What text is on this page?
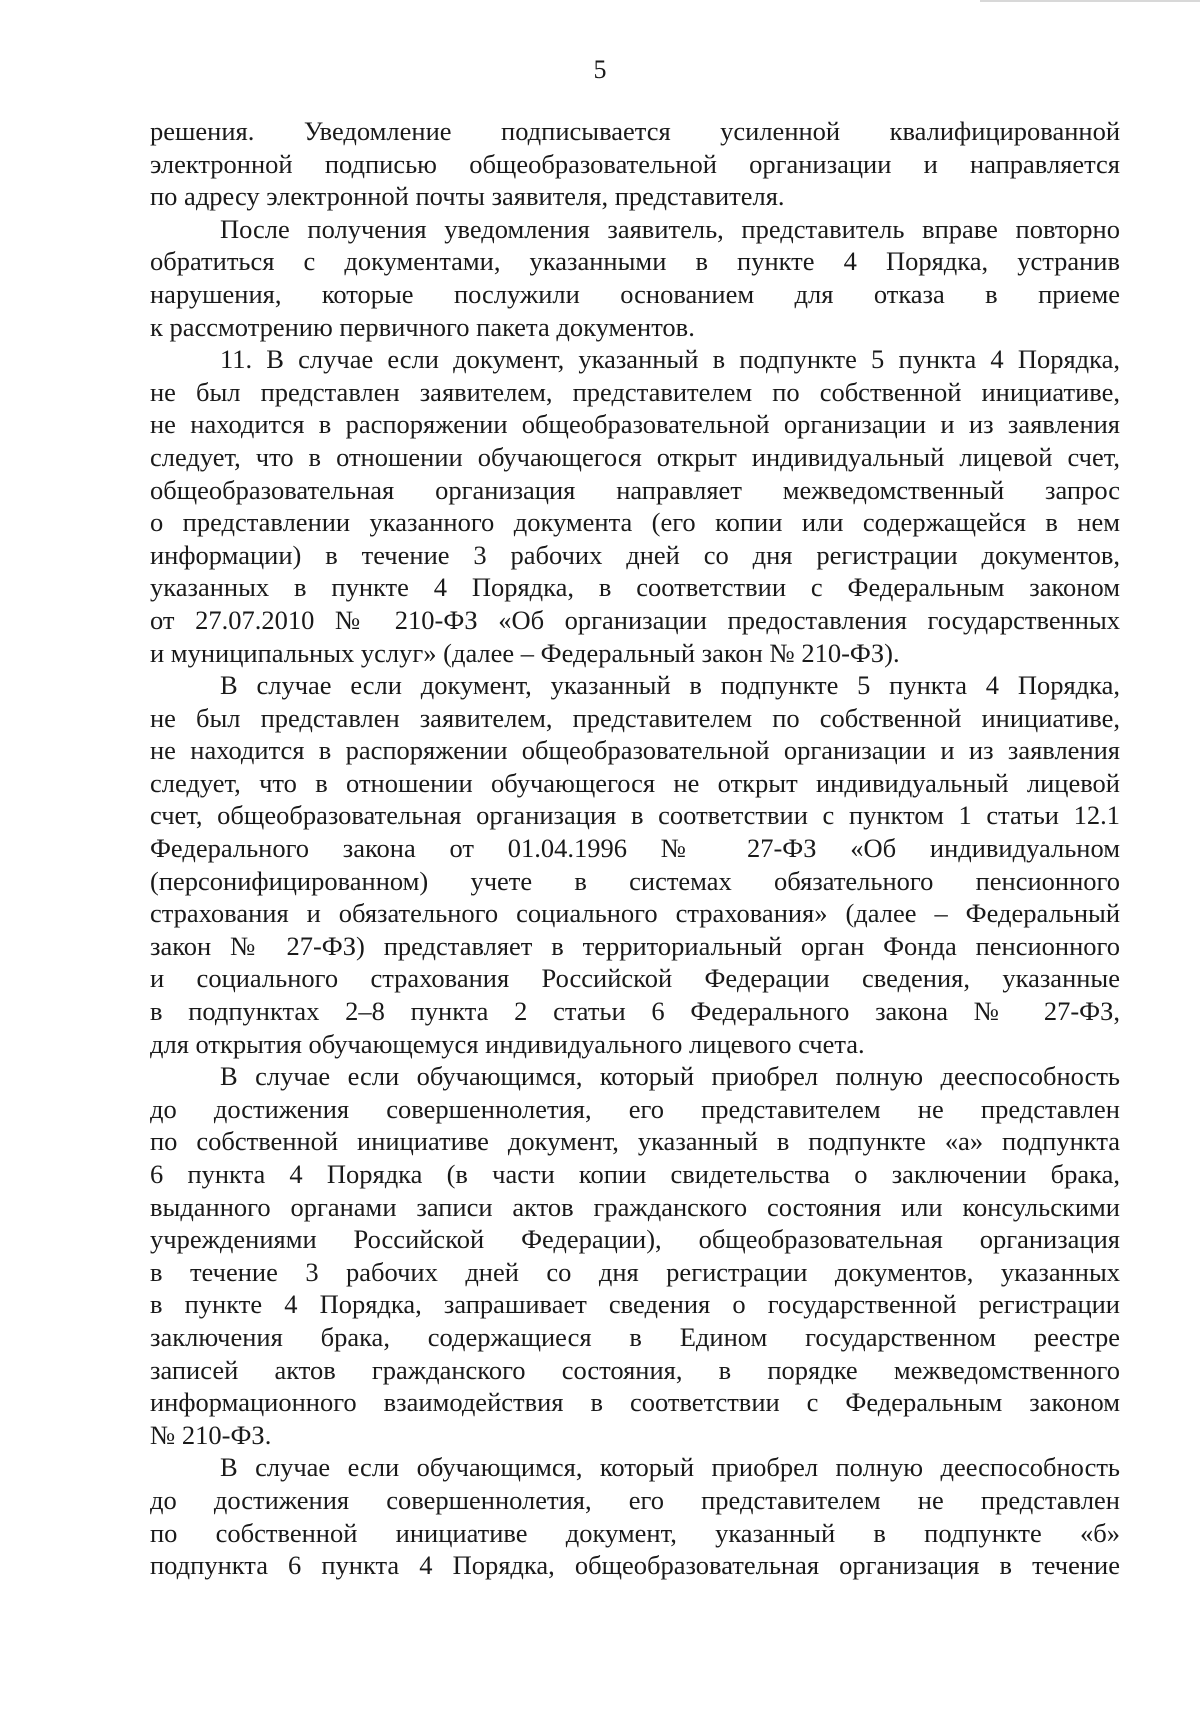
5

решения. Уведомление подписывается усиленной квалифицированной

электронной подписью общеобразовательной организации и направляется

по адресу электронной почты заявителя, представителя.

После получения уведомления заявитель, представитель вправе повторно

обратиться с документами, указанными в пункте 4 Порядка, устранив

нарушения, которые послужили основанием для отказа в приеме

к рассмотрению первичного пакета документов.

11. В случае если документ, указанный в подпункте 5 пункта 4 Порядка,

не был представлен заявителем, представителем по собственной инициативе,

не находится в распоряжении общеобразовательной организации и из заявления

следует, что в отношении обучающегося открыт индивидуальный лицевой счет,

общеобразовательная организация направляет межведомственный запрос

о представлении указанного документа (его копии или содержащейся в нем

информации) в течение 3 рабочих дней со дня регистрации документов,

указанных в пункте 4 Порядка, в соответствии с Федеральным законом

от 27.07.2010 № 210-ФЗ «Об организации предоставления государственных

и муниципальных услуг» (далее – Федеральный закон № 210-ФЗ).

В случае если документ, указанный в подпункте 5 пункта 4 Порядка,

не был представлен заявителем, представителем по собственной инициативе,

не находится в распоряжении общеобразовательной организации и из заявления

следует, что в отношении обучающегося не открыт индивидуальный лицевой

счет, общеобразовательная организация в соответствии с пунктом 1 статьи 12.1

Федерального закона от 01.04.1996 № 27-ФЗ «Об индивидуальном

(персонифицированном) учете в системах обязательного пенсионного

страхования и обязательного социального страхования» (далее – Федеральный

закон № 27-ФЗ) представляет в территориальный орган Фонда пенсионного

и социального страхования Российской Федерации сведения, указанные

в подпунктах 2–8 пункта 2 статьи 6 Федерального закона № 27-ФЗ,

для открытия обучающемуся индивидуального лицевого счета.

В случае если обучающимся, который приобрел полную дееспособность

до достижения совершеннолетия, его представителем не представлен

по собственной инициативе документ, указанный в подпункте «а» подпункта

6 пункта 4 Порядка (в части копии свидетельства о заключении брака,

выданного органами записи актов гражданского состояния или консульскими

учреждениями Российской Федерации), общеобразовательная организация

в течение 3 рабочих дней со дня регистрации документов, указанных

в пункте 4 Порядка, запрашивает сведения о государственной регистрации

заключения брака, содержащиеся в Едином государственном реестре

записей актов гражданского состояния, в порядке межведомственного

информационного взаимодействия в соответствии с Федеральным законом

№ 210-ФЗ.

В случае если обучающимся, который приобрел полную дееспособность

до достижения совершеннолетия, его представителем не представлен

по собственной инициативе документ, указанный в подпункте «б»

подпункта 6 пункта 4 Порядка, общеобразовательная организация в течение
